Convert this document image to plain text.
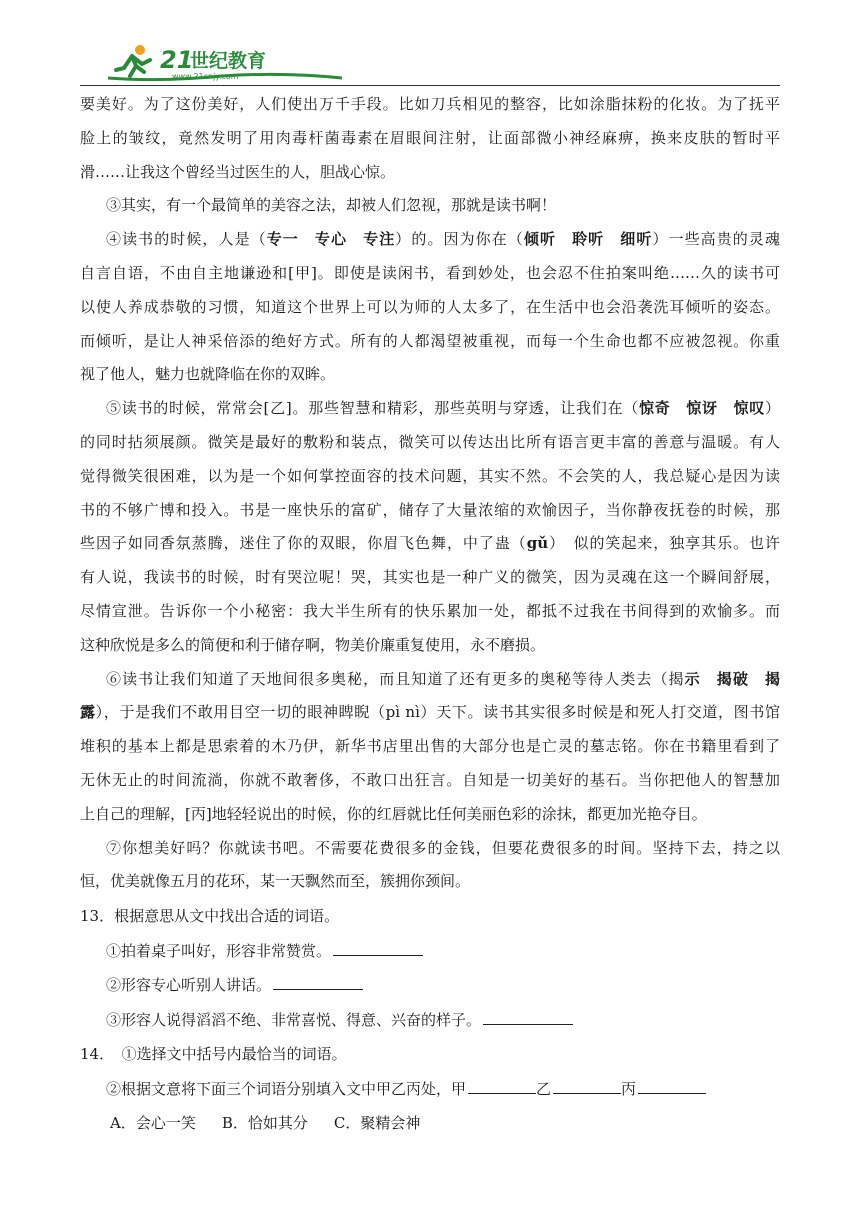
21
世纪教育
www.21cnjy.com
要美好。为了这份美好，人们使出万千手段。比如刀兵相见的整容，比如涂脂抹粉的化妆。为了抚平
脸上的皱纹，竟然发明了用肉毒杆菌毒素在眉眼间注射，让面部微小神经麻痹，换来皮肤的暂时平
滑……让我这个曾经当过医生的人，胆战心惊。
③其实，有一个最简单的美容之法，却被人们忽视，那就是读书啊！
④读书的时候，人是（专一　专心　专注）的。因为你在（倾听　聆听　细听）一些高贵的灵魂
自言自语，不由自主地谦逊和[甲]。即使是读闲书，看到妙处，也会忍不住拍案叫绝……久的读书可
以使人养成恭敬的习惯，知道这个世界上可以为师的人太多了，在生活中也会沿袭洗耳倾听的姿态。
而倾听，是让人神采倍添的绝好方式。所有的人都渴望被重视，而每一个生命也都不应被忽视。你重
视了他人，魅力也就降临在你的双眸。
⑤读书的时候，常常会[乙]。那些智慧和精彩，那些英明与穿透，让我们在（惊奇　惊讶　惊叹）
的同时拈须展颜。微笑是最好的敷粉和装点，微笑可以传达出比所有语言更丰富的善意与温暖。有人
觉得微笑很困难，以为是一个如何掌控面容的技术问题，其实不然。不会笑的人，我总疑心是因为读
书的不够广博和投入。书是一座快乐的富矿，储存了大量浓缩的欢愉因子，当你静夜抚卷的时候，那
些因子如同香氛蒸腾，迷住了你的双眼，你眉飞色舞，中了蛊（gǔ）　似的笑起来，独享其乐。也许
有人说，我读书的时候，时有哭泣呢！哭，其实也是一种广义的微笑，因为灵魂在这一个瞬间舒展，
尽情宣泄。告诉你一个小秘密：我大半生所有的快乐累加一处，都抵不过我在书间得到的欢愉多。而
这种欣悦是多么的简便和利于储存啊，物美价廉重复使用，永不磨损。
⑥读书让我们知道了天地间很多奥秘，而且知道了还有更多的奥秘等待人类去（揭示　揭破　揭
露），于是我们不敢用目空一切的眼神睥睨（pì nì）天下。读书其实很多时候是和死人打交道，图书馆
堆积的基本上都是思索着的木乃伊，新华书店里出售的大部分也是亡灵的墓志铭。你在书籍里看到了
无休无止的时间流淌，你就不敢奢侈，不敢口出狂言。自知是一切美好的基石。当你把他人的智慧加
上自己的理解，[丙]地轻轻说出的时候，你的红唇就比任何美丽色彩的涂抹，都更加光艳夺目。
⑦你想美好吗？你就读书吧。不需要花费很多的金钱，但要花费很多的时间。坚持下去，持之以
恒，优美就像五月的花环，某一天飘然而至，簇拥你颈间。
13．根据意思从文中找出合适的词语。
①拍着桌子叫好，形容非常赞赏。
②形容专心听别人讲话。
③形容人说得滔滔不绝、非常喜悦、得意、兴奋的样子。
14．　①选择文中括号内最恰当的词语。
②根据文意将下面三个词语分别填入文中甲乙丙处，甲	乙	丙
A．会心一笑 B．恰如其分 C．聚精会神
